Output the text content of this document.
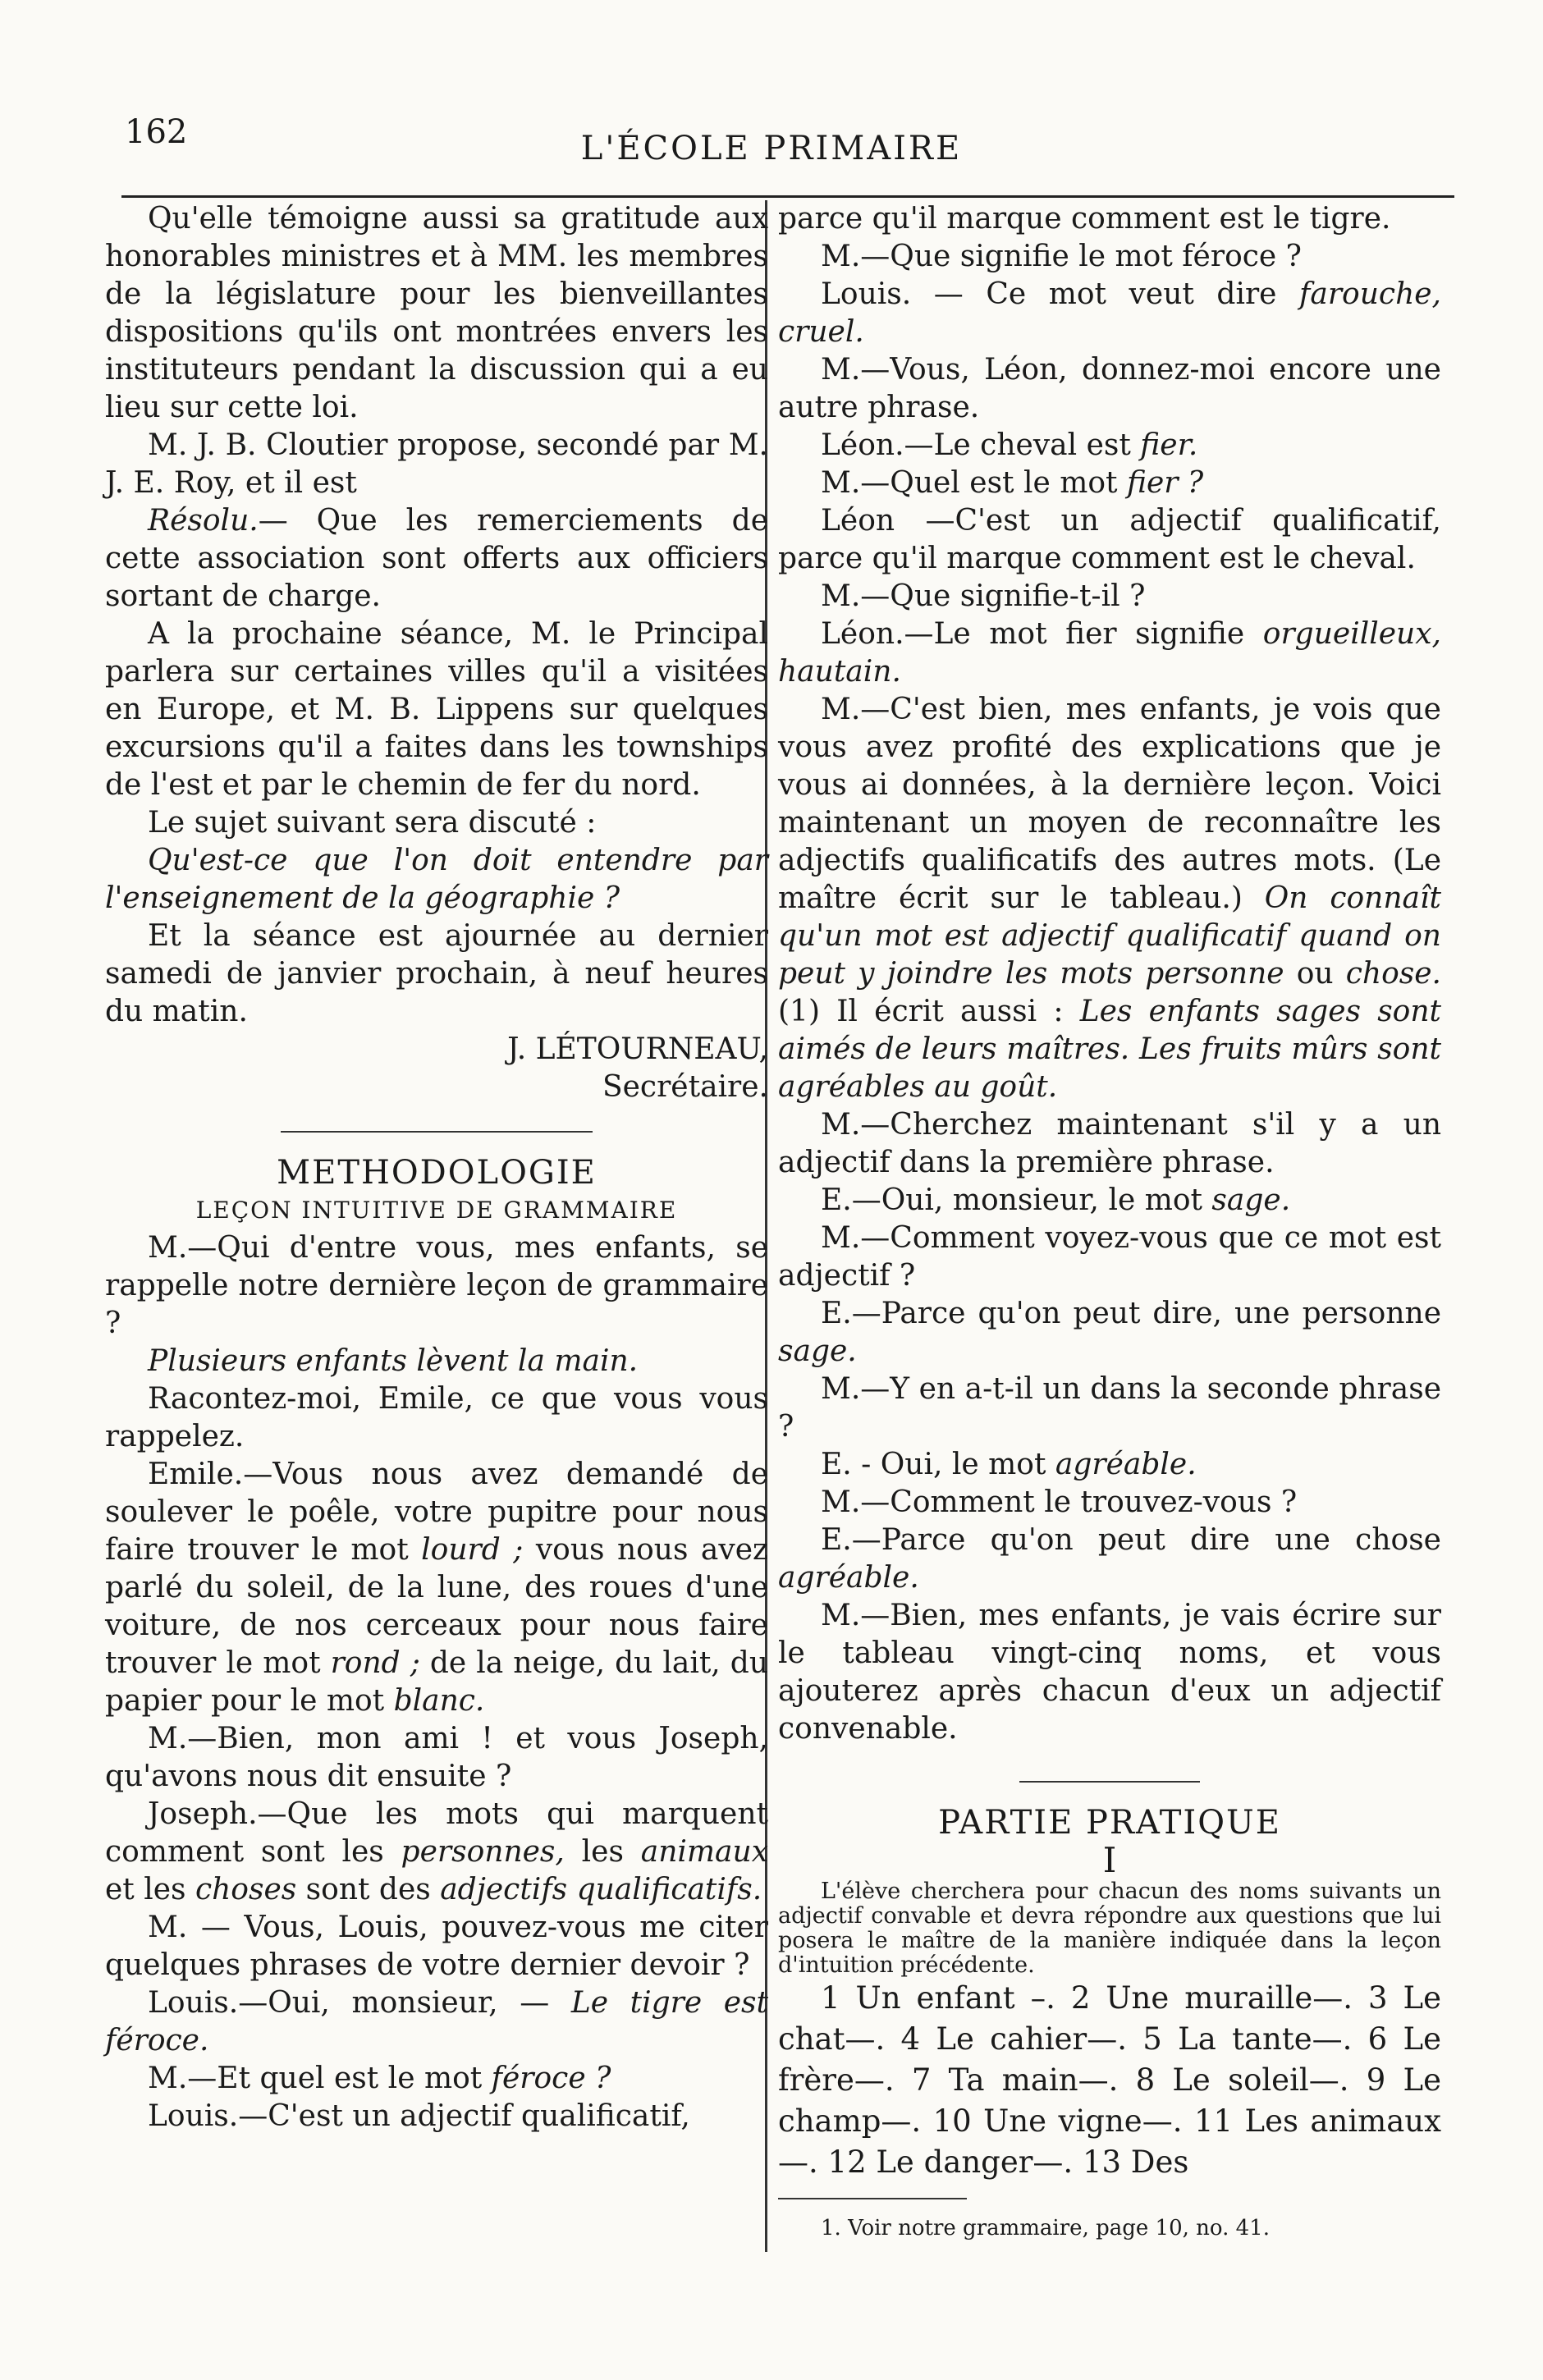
162	L'ÉCOLE PRIMAIRE

Qu'elle témoigne aussi sa gratitude aux honorables ministres et à MM. les membres de la législature pour les bienveillantes dispositions qu'ils ont montrées envers les instituteurs pendant la discussion qui a eu lieu sur cette loi.

M. J. B. Cloutier propose, secondé par M. J. E. Roy, et il est

Résolu.— Que les remerciements de cette association sont offerts aux officiers sortant de charge.

A la prochaine séance, M. le Principal parlera sur certaines villes qu'il a visitées en Europe, et M. B. Lippens sur quelques excursions qu'il a faites dans les townships de l'est et par le chemin de fer du nord.

Le sujet suivant sera discuté :

Qu'est-ce que l'on doit entendre par l'enseignement de la géographie ?

Et la séance est ajournée au dernier samedi de janvier prochain, à neuf heures du matin.

J. LÉTOURNEAU,

Secrétaire.

METHODOLOGIE

LEÇON INTUITIVE DE GRAMMAIRE

M.—Qui d'entre vous, mes enfants, se rappelle notre dernière leçon de grammaire ?

Plusieurs enfants lèvent la main.

Racontez-moi, Emile, ce que vous vous rappelez.

Emile.—Vous nous avez demandé de soulever le poêle, votre pupitre pour nous faire trouver le mot lourd ; vous nous avez parlé du soleil, de la lune, des roues d'une voiture, de nos cerceaux pour nous faire trouver le mot rond ; de la neige, du lait, du papier pour le mot blanc.

M.—Bien, mon ami ! et vous Joseph, qu'avons nous dit ensuite ?

Joseph.—Que les mots qui marquent comment sont les personnes, les animaux et les choses sont des adjectifs qualificatifs.

M. — Vous, Louis, pouvez-vous me citer quelques phrases de votre dernier devoir ?

Louis.—Oui, monsieur, — Le tigre est féroce.

M.—Et quel est le mot féroce ?

Louis.—C'est un adjectif qualificatif,

parce qu'il marque comment est le tigre.

M.—Que signifie le mot féroce ?

Louis. — Ce mot veut dire farouche, cruel.

M.—Vous, Léon, donnez-moi encore une autre phrase.

Léon.—Le cheval est fier.

M.—Quel est le mot fier ?

Léon —C'est un adjectif qualificatif, parce qu'il marque comment est le cheval.

M.—Que signifie-t-il ?

Léon.—Le mot fier signifie orgueilleux, hautain.

M.—C'est bien, mes enfants, je vois que vous avez profité des explications que je vous ai données, à la dernière leçon. Voici maintenant un moyen de reconnaître les adjectifs qualificatifs des autres mots. (Le maître écrit sur le tableau.) On connaît qu'un mot est adjectif qualificatif quand on peut y joindre les mots personne ou chose. (1) Il écrit aussi : Les enfants sages sont aimés de leurs maîtres. Les fruits mûrs sont agréables au goût.

M.—Cherchez maintenant s'il y a un adjectif dans la première phrase.

E.—Oui, monsieur, le mot sage.

M.—Comment voyez-vous que ce mot est adjectif ?

E.—Parce qu'on peut dire, une personne sage.

M.—Y en a-t-il un dans la seconde phrase ?

E. - Oui, le mot agréable.

M.—Comment le trouvez-vous ?

E.—Parce qu'on peut dire une chose agréable.

M.—Bien, mes enfants, je vais écrire sur le tableau vingt-cinq noms, et vous ajouterez après chacun d'eux un adjectif convenable.

PARTIE PRATIQUE

I

L'élève cherchera pour chacun des noms suivants un adjectif convable et devra répondre aux questions que lui posera le maître de la manière indiquée dans la leçon d'intuition précédente.

1 Un enfant –. 2 Une muraille—. 3 Le chat—. 4 Le cahier—. 5 La tante—. 6 Le frère—. 7 Ta main—. 8 Le soleil—. 9 Le champ—. 10 Une vigne—. 11 Les animaux—. 12 Le danger—. 13 Des

1. Voir notre grammaire, page 10, no. 41.
